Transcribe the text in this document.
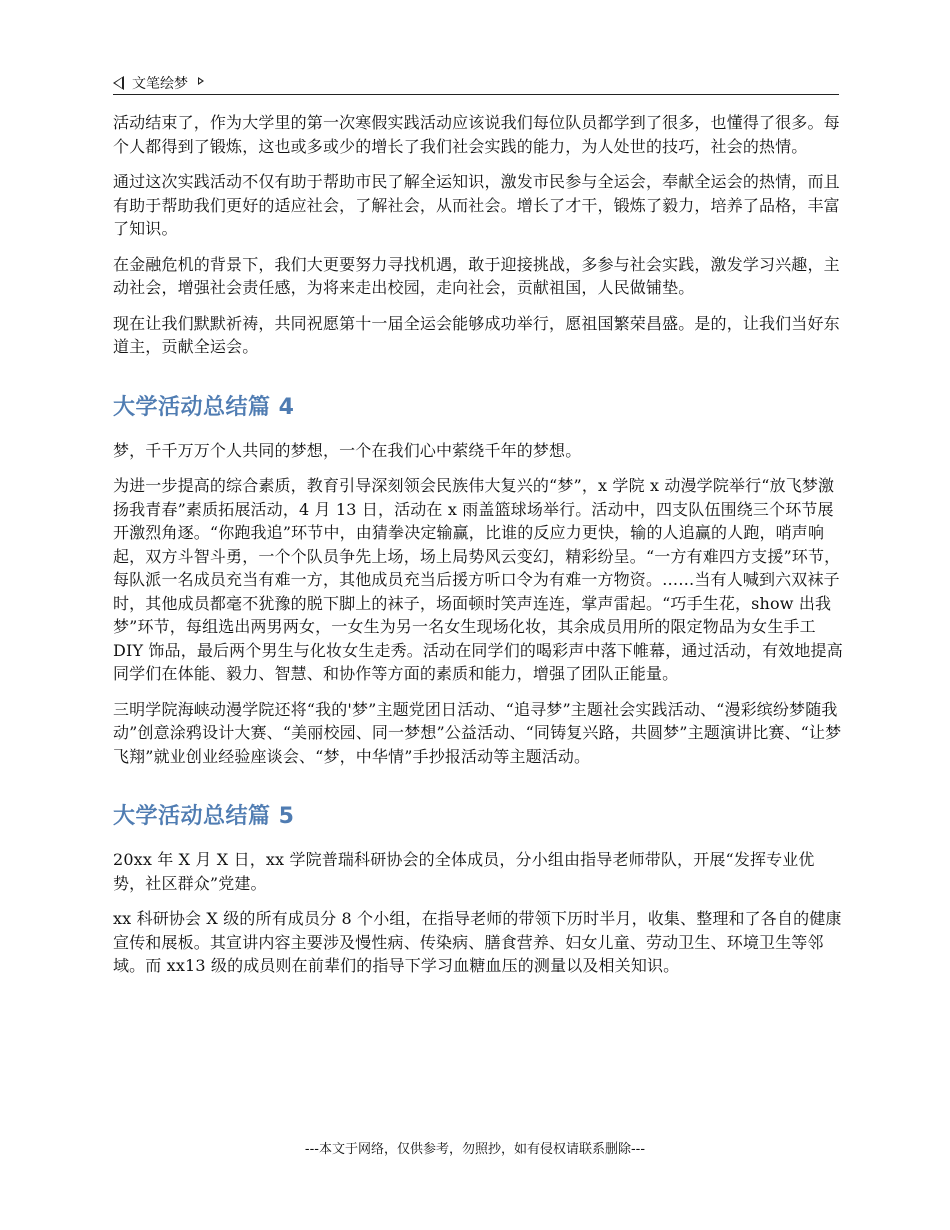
文笔绘梦

活动结束了，作为大学里的第一次寒假实践活动应该说我们每位队员都学到了很多，也懂得了很多。每个人都得到了锻炼，这也或多或少的增长了我们社会实践的能力，为人处世的技巧，社会的热情。

通过这次实践活动不仅有助于帮助市民了解全运知识，激发市民参与全运会，奉献全运会的热情，而且有助于帮助我们更好的适应社会，了解社会，从而社会。增长了才干，锻炼了毅力，培养了品格，丰富了知识。

在金融危机的背景下，我们大更要努力寻找机遇，敢于迎接挑战，多参与社会实践，激发学习兴趣，主动社会，增强社会责任感，为将来走出校园，走向社会，贡献祖国，人民做铺垫。

现在让我们默默祈祷，共同祝愿第十一届全运会能够成功举行，愿祖国繁荣昌盛。是的，让我们当好东道主，贡献全运会。

大学活动总结篇 4

梦，千千万万个人共同的梦想，一个在我们心中萦绕千年的梦想。

为进一步提高的综合素质，教育引导深刻领会民族伟大复兴的“梦”，x 学院 x 动漫学院举行“放飞梦激扬我青春”素质拓展活动，4 月 13 日，活动在 x 雨盖篮球场举行。活动中，四支队伍围绕三个环节展开激烈角逐。“你跑我追”环节中，由猜拳决定输赢，比谁的反应力更快，输的人追赢的人跑，哨声响起，双方斗智斗勇，一个个队员争先上场，场上局势风云变幻，精彩纷呈。“一方有难四方支援”环节，每队派一名成员充当有难一方，其他成员充当后援方听口令为有难一方物资。……当有人喊到六双袜子时，其他成员都毫不犹豫的脱下脚上的袜子，场面顿时笑声连连，掌声雷起。“巧手生花，show 出我梦”环节，每组选出两男两女，一女生为另一名女生现场化妆，其余成员用所的限定物品为女生手工 DIY 饰品，最后两个男生与化妆女生走秀。活动在同学们的喝彩声中落下帷幕，通过活动，有效地提高同学们在体能、毅力、智慧、和协作等方面的素质和能力，增强了团队正能量。

三明学院海峡动漫学院还将“我的'梦”主题党团日活动、“追寻梦”主题社会实践活动、“漫彩缤纷梦随我动”创意涂鸦设计大赛、“美丽校园、同一梦想”公益活动、“同铸复兴路，共圆梦”主题演讲比赛、“让梦飞翔”就业创业经验座谈会、“梦，中华情”手抄报活动等主题活动。

大学活动总结篇 5

20xx 年 X 月 X 日，xx 学院普瑞科研协会的全体成员，分小组由指导老师带队，开展“发挥专业优势，社区群众”党建。

xx 科研协会 X 级的所有成员分 8 个小组，在指导老师的带领下历时半月，收集、整理和了各自的健康宣传和展板。其宣讲内容主要涉及慢性病、传染病、膳食营养、妇女儿童、劳动卫生、环境卫生等邻域。而 xx13 级的成员则在前辈们的指导下学习血糖血压的测量以及相关知识。

---本文于网络，仅供参考，勿照抄，如有侵权请联系删除---
